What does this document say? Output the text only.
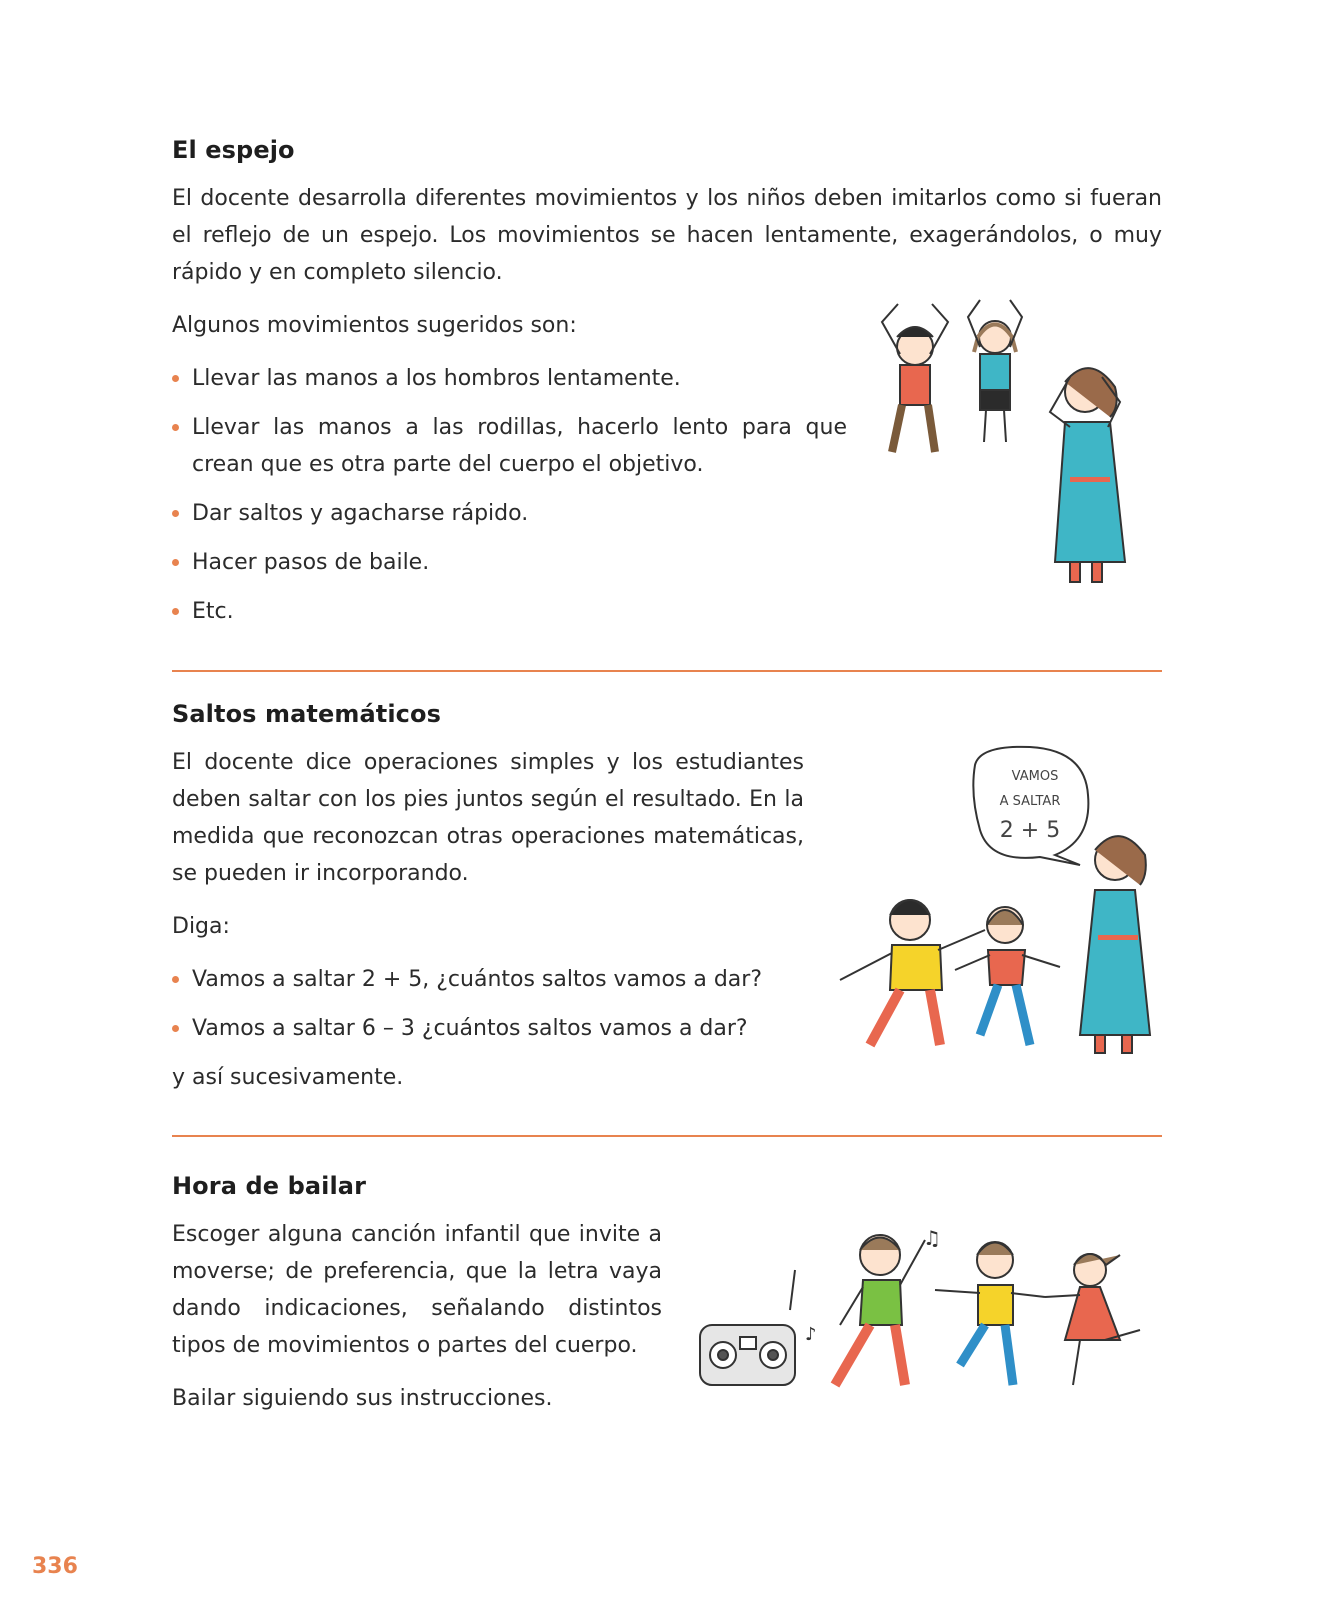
El espejo

El docente desarrolla diferentes movimientos y los niños deben imitarlos como si fueran el reflejo de un espejo. Los movimientos se hacen lentamente, exagerándolos, o muy rápido y en completo silencio.

Algunos movimientos sugeridos son:

Llevar las manos a los hombros lentamente.
Llevar las manos a las rodillas, hacerlo lento para que crean que es otra parte del cuerpo el objetivo.
Dar saltos y agacharse rápido.
Hacer pasos de baile.
Etc.
Saltos matemáticos

El docente dice operaciones simples y los estudiantes deben saltar con los pies juntos según el resultado. En la medida que reconozcan otras operaciones matemáticas, se pueden ir incorporando.

Diga:

Vamos a saltar 2 + 5, ¿cuántos saltos vamos a dar?
Vamos a saltar 6 – 3 ¿cuántos saltos vamos a dar?

y así sucesivamente.

VAMOS
A SALTAR
2 + 5
Hora de bailar

Escoger alguna canción infantil que invite a moverse; de preferencia, que la letra vaya dando indicaciones, señalando distintos tipos de movimientos o partes del cuerpo.

Bailar siguiendo sus instrucciones.

♫
♪
336
